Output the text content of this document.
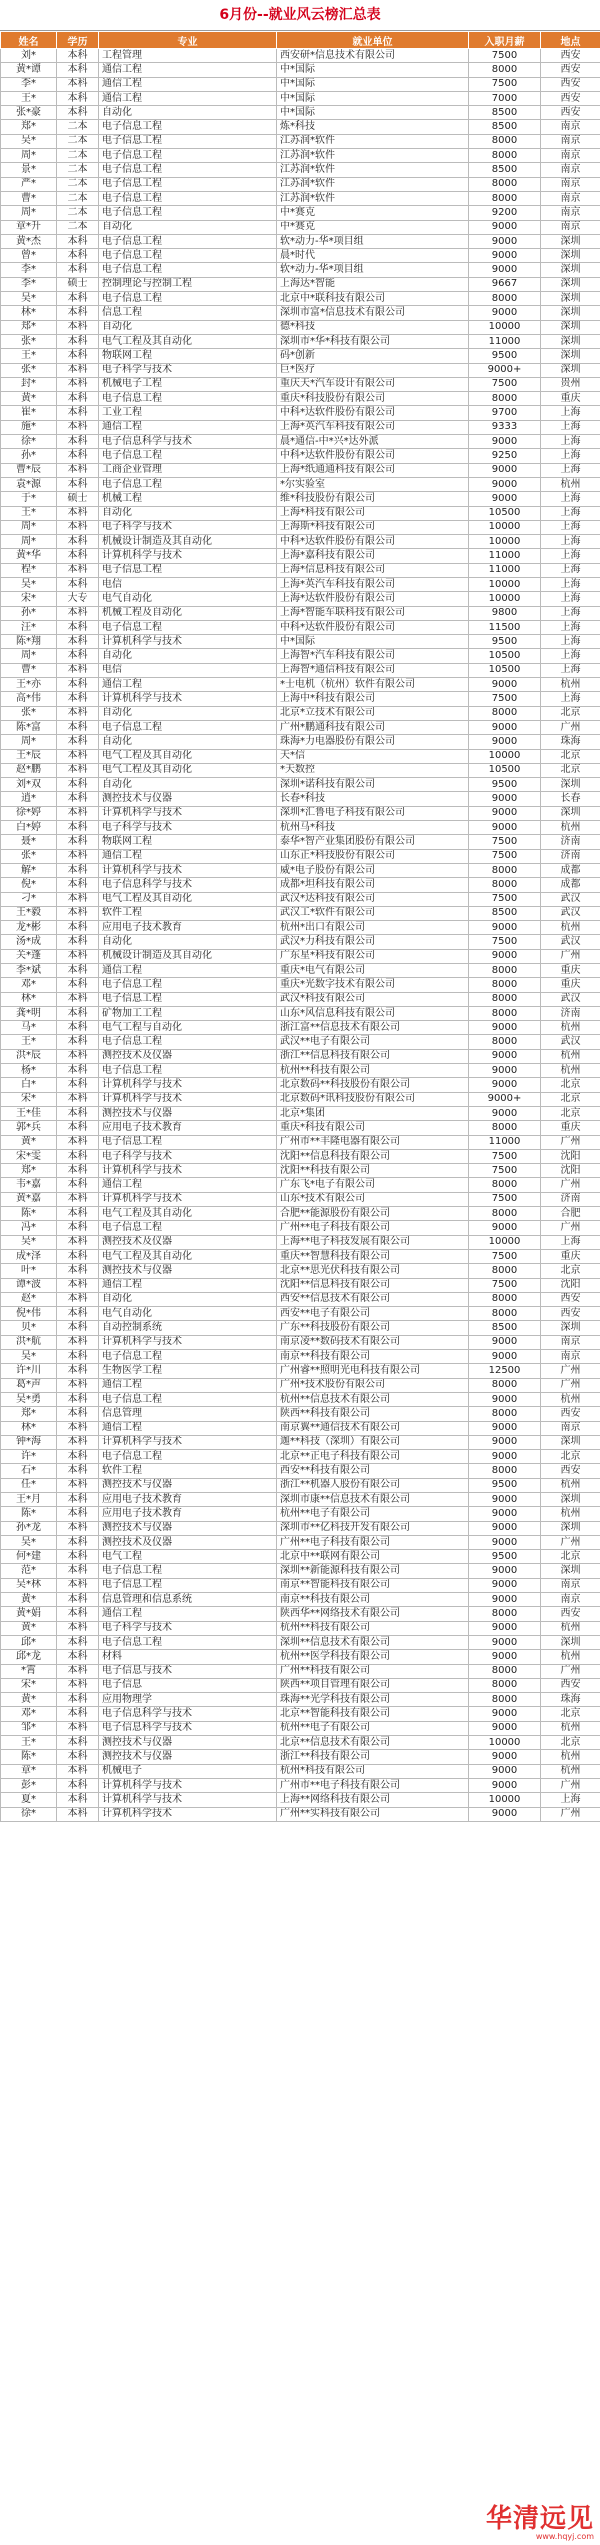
6月份--就业风云榜汇总表
姓名	学历	专业	就业单位	入职月薪	地点
刘*	本科	工程管理	西安研*信息技术有限公司	7500	西安
黄*谭	本科	通信工程	中*国际	8000	西安
李*	本科	通信工程	中*国际	7500	西安
王*	本科	通信工程	中*国际	7000	西安
张*豪	本科	自动化	中*国际	8500	西安
郑*	二本	电子信息工程	炼*科技	8500	南京
吴*	二本	电子信息工程	江苏润*软件	8000	南京
周*	二本	电子信息工程	江苏润*软件	8000	南京
景*	二本	电子信息工程	江苏润*软件	8500	南京
严*	二本	电子信息工程	江苏润*软件	8000	南京
曹*	二本	电子信息工程	江苏润*软件	8000	南京
周*	二本	电子信息工程	中*赛克	9200	南京
章*升	二本	自动化	中*赛克	9000	南京
黄*杰	本科	电子信息工程	软*动力-华*项目组	9000	深圳
曾*	本科	电子信息工程	晨*时代	9000	深圳
李*	本科	电子信息工程	软*动力-华*项目组	9000	深圳
李*	硕士	控制理论与控制工程	上海达*智能	9667	深圳
吴*	本科	电子信息工程	北京中*联科技有限公司	8000	深圳
林*	本科	信息工程	深圳市富*信息技术有限公司	9000	深圳
郑*	本科	自动化	德*科技	10000	深圳
张*	本科	电气工程及其自动化	深圳市*华*科技有限公司	11000	深圳
王*	本科	物联网工程	码*创新	9500	深圳
张*	本科	电子科学与技术	巨*医疗	9000+	深圳
封*	本科	机械电子工程	重庆天*汽车设计有限公司	7500	贵州
黄*	本科	电子信息工程	重庆*科技股份有限公司	8000	重庆
崔*	本科	工业工程	中科*达软件股份有限公司	9700	上海
施*	本科	通信工程	上海*英汽车科技有限公司	9333	上海
徐*	本科	电子信息科学与技术	晨*通信-中*兴*达外派	9000	上海
孙*	本科	电子信息工程	中科*达软件股份有限公司	9250	上海
曹*辰	本科	工商企业管理	上海*纸通通科技有限公司	9000	上海
袁*源	本科	电子信息工程	*尔实验室	9000	杭州
于*	硕士	机械工程	维*科技股份有限公司	9000	上海
王*	本科	自动化	上海*科技有限公司	10500	上海
周*	本科	电子科学与技术	上海斯*科技有限公司	10000	上海
周*	本科	机械设计制造及其自动化	中科*达软件股份有限公司	10000	上海
黄*华	本科	计算机科学与技术	上海*嘉科技有限公司	11000	上海
程*	本科	电子信息工程	上海*信息科技有限公司	11000	上海
吴*	本科	电信	上海*英汽车科技有限公司	10000	上海
宋*	大专	电气自动化	上海*达软件股份有限公司	10000	上海
孙*	本科	机械工程及自动化	上海*智能车联科技有限公司	9800	上海
汪*	本科	电子信息工程	中科*达软件股份有限公司	11500	上海
陈*翔	本科	计算机科学与技术	中*国际	9500	上海
周*	本科	自动化	上海智*汽车科技有限公司	10500	上海
曹*	本科	电信	上海智*通信科技有限公司	10500	上海
王*亦	本科	通信工程	*士电机（杭州）软件有限公司	9000	杭州
高*伟	本科	计算机科学与技术	上海中*科技有限公司	7500	上海
张*	本科	自动化	北京*立技术有限公司	8000	北京
陈*富	本科	电子信息工程	广州*鹏通科技有限公司	9000	广州
周*	本科	自动化	珠海*力电器股份有限公司	9000	珠海
王*辰	本科	电气工程及其自动化	天*信	10000	北京
赵*鹏	本科	电气工程及其自动化	*天数控	10500	北京
刘*双	本科	自动化	深圳*诺科技有限公司	9500	深圳
逍*	本科	测控技术与仪器	长春*科技	9000	长春
徐*婷	本科	计算机科学与技术	深圳*汇鲁电子科技有限公司	9000	深圳
白*婷	本科	电子科学与技术	杭州马*科技	9000	杭州
聂*	本科	物联网工程	泰华*智产业集团股份有限公司	7500	济南
张*	本科	通信工程	山东正*科技股份有限公司	7500	济南
解*	本科	计算机科学与技术	威*电子股份有限公司	8000	成都
倪*	本科	电子信息科学与技术	成都*坦科技有限公司	8000	成都
刁*	本科	电气工程及其自动化	武汉*达科技有限公司	7500	武汉
王*毅	本科	软件工程	武汉工*软件有限公司	8500	武汉
龙*彬	本科	应用电子技术教育	杭州*出口有限公司	9000	杭州
汤*成	本科	自动化	武汉*力科技有限公司	7500	武汉
关*蓬	本科	机械设计制造及其自动化	广东星*科技有限公司	9000	广州
李*斌	本科	通信工程	重庆*电气有限公司	8000	重庆
邓*	本科	电子信息工程	重庆*光数字技术有限公司	8000	重庆
林*	本科	电子信息工程	武汉*科技有限公司	8000	武汉
龚*明	本科	矿物加工工程	山东*风信息科技有限公司	8000	济南
马*	本科	电气工程与自动化	浙江富**信息技术有限公司	9000	杭州
王*	本科	电子信息工程	武汉**电子有限公司	8000	武汉
洪*辰	本科	测控技术及仪器	浙江**信息科技有限公司	9000	杭州
杨*	本科	电子信息工程	杭州**科技有限公司	9000	杭州
白*	本科	计算机科学与技术	北京数码**科技股份有限公司	9000	北京
宋*	本科	计算机科学与技术	北京数码*讯科技股份有限公司	9000+	北京
王*佳	本科	测控技术与仪器	北京*集团	9000	北京
郭*兵	本科	应用电子技术教育	重庆*科技有限公司	8000	重庆
黄*	本科	电子信息工程	广州市**丰隆电器有限公司	11000	广州
宋*雯	本科	电子科学与技术	沈阳**信息科技有限公司	7500	沈阳
郑*	本科	计算机科学与技术	沈阳**科技有限公司	7500	沈阳
韦*嘉	本科	通信工程	广东飞*电子有限公司	8000	广州
黄*嘉	本科	计算机科学与技术	山东*技术有限公司	7500	济南
陈*	本科	电气工程及其自动化	合肥**能源股份有限公司	8000	合肥
冯*	本科	电子信息工程	广州**电子科技有限公司	9000	广州
吴*	本科	测控技术及仪器	上海**电子科技发展有限公司	10000	上海
成*泽	本科	电气工程及其自动化	重庆**智慧科技有限公司	7500	重庆
叶*	本科	测控技术与仪器	北京**思光伏科技有限公司	8000	北京
谭*波	本科	通信工程	沈阳**信息科技有限公司	7500	沈阳
赵*	本科	自动化	西安**信息技术有限公司	8000	西安
倪*伟	本科	电气自动化	西安**电子有限公司	8000	西安
贝*	本科	自动控制系统	广东**科技股份有限公司	8500	深圳
洪*航	本科	计算机科学与技术	南京凌**数码技术有限公司	9000	南京
吴*	本科	电子信息工程	南京**科技有限公司	9000	南京
许*川	本科	生物医学工程	广州睿**照明光电科技有限公司	12500	广州
葛*声	本科	通信工程	广州*技术股份有限公司	8000	广州
吴*勇	本科	电子信息工程	杭州**信息技术有限公司	9000	杭州
郑*	本科	信息管理	陕西**科技有限公司	8000	西安
林*	本科	通信工程	南京翼**通信技术有限公司	9000	南京
钟*海	本科	计算机科学与技术	迦**科技（深圳）有限公司	9000	深圳
许*	本科	电子信息工程	北京**正电子科技有限公司	9000	北京
石*	本科	软件工程	西安**科技有限公司	8000	西安
任*	本科	测控技术与仪器	浙江**机器人股份有限公司	9500	杭州
王*月	本科	应用电子技术教育	深圳市康**信息技术有限公司	9000	深圳
陈*	本科	应用电子技术教育	杭州**电子有限公司	9000	杭州
孙*龙	本科	测控技术与仪器	深圳市**亿科技开发有限公司	9000	深圳
吴*	本科	测控技术及仪器	广州**电子科技有限公司	9000	广州
何*建	本科	电气工程	北京中**联网有限公司	9500	北京
范*	本科	电子信息工程	深圳**新能源科技有限公司	9000	深圳
吴*林	本科	电子信息工程	南京**智能科技有限公司	9000	南京
黄*	本科	信息管理和信息系统	南京**科技有限公司	9000	南京
黄*娟	本科	通信工程	陕西华**网络技术有限公司	8000	西安
黄*	本科	电子科学与技术	杭州**科技有限公司	9000	杭州
邱*	本科	电子信息工程	深圳**信息技术有限公司	9000	深圳
邱*龙	本科	材料	杭州**医学科技有限公司	9000	杭州
*霄	本科	电子信息与技术	广州**科技有限公司	8000	广州
宋*	本科	电子信息	陕西**项目管理有限公司	8000	西安
黄*	本科	应用物理学	珠海**光学科技有限公司	8000	珠海
邓*	本科	电子信息科学与技术	北京**智能科技有限公司	9000	北京
邹*	本科	电子信息科学与技术	杭州**电子有限公司	9000	杭州
王*	本科	测控技术与仪器	北京**信息技术有限公司	10000	北京
陈*	本科	测控技术与仪器	浙江**科技有限公司	9000	杭州
章*	本科	机械电子	杭州*科技有限公司	9000	杭州
彭*	本科	计算机科学与技术	广州市**电子科技有限公司	9000	广州
夏*	本科	计算机科学与技术	上海**网络科技有限公司	10000	上海
徐*	本科	计算机科学技术	广州**实科技有限公司	9000	广州
华清远见
www.hqyj.com
